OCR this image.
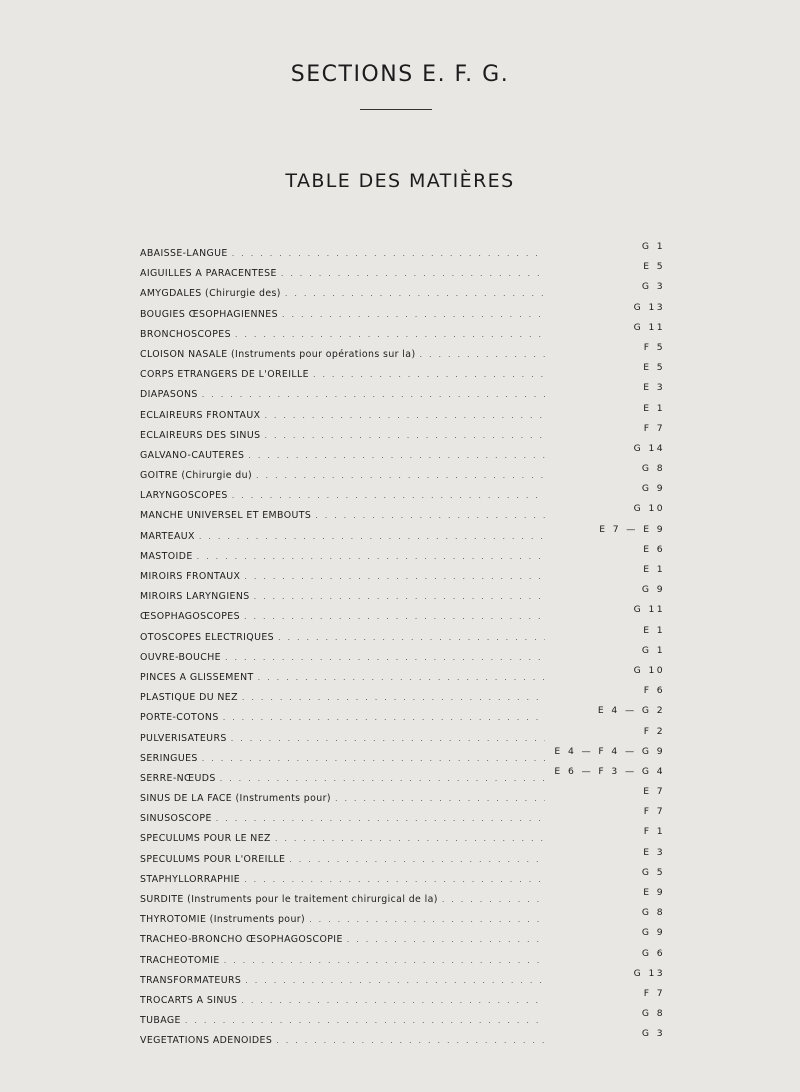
SECTIONS E. F. G.
TABLE DES MATIÈRES
ABAISSE-LANGUE
. . .
G 1
AIGUILLES A PARACENTESE
. . .
E 5
AMYGDALES (Chirurgie des)
. . .
G 3
BOUGIES ŒSOPHAGIENNES
. . .
G 13
BRONCHOSCOPES
. . .
G 11
CLOISON NASALE (Instruments pour opérations sur la)
. . .
F 5
CORPS ETRANGERS DE L'OREILLE
. . .
E 5
DIAPASONS
. . .
E 3
ECLAIREURS FRONTAUX
. . .
E 1
ECLAIREURS DES SINUS
. . .
F 7
GALVANO-CAUTERES
. . .
G 14
GOITRE (Chirurgie du)
. . .
G 8
LARYNGOSCOPES
. . .
G 9
MANCHE UNIVERSEL ET EMBOUTS
. . .
G 10
MARTEAUX
. . .
E 7 — E 9
MASTOIDE
. . .
E 6
MIROIRS FRONTAUX
. . .
E 1
MIROIRS LARYNGIENS
. . .
G 9
ŒSOPHAGOSCOPES
. . .
G 11
OTOSCOPES ELECTRIQUES
. . .
E 1
OUVRE-BOUCHE
. . .
G 1
PINCES A GLISSEMENT
. . .
G 10
PLASTIQUE DU NEZ
. . .
F 6
PORTE-COTONS
. . .
E 4 — G 2
PULVERISATEURS
. . .
F 2
SERINGUES
. . .
E 4 — F 4 — G 9
SERRE-NŒUDS
. . .
E 6 — F 3 — G 4
SINUS DE LA FACE (Instruments pour)
. . .
E 7
SINUSOSCOPE
. . .
F 7
SPECULUMS POUR LE NEZ
. . .
F 1
SPECULUMS POUR L'OREILLE
. . .
E 3
STAPHYLLORRAPHIE
. . .
G 5
SURDITE (Instruments pour le traitement chirurgical de la)
. . .
E 9
THYROTOMIE (Instruments pour)
. . .
G 8
TRACHEO-BRONCHO ŒSOPHAGOSCOPIE
. . .
G 9
TRACHEOTOMIE
. . .
G 6
TRANSFORMATEURS
. . .
G 13
TROCARTS A SINUS
. . .
F 7
TUBAGE
. . .
G 8
VEGETATIONS ADENOIDES
. . .
G 3
